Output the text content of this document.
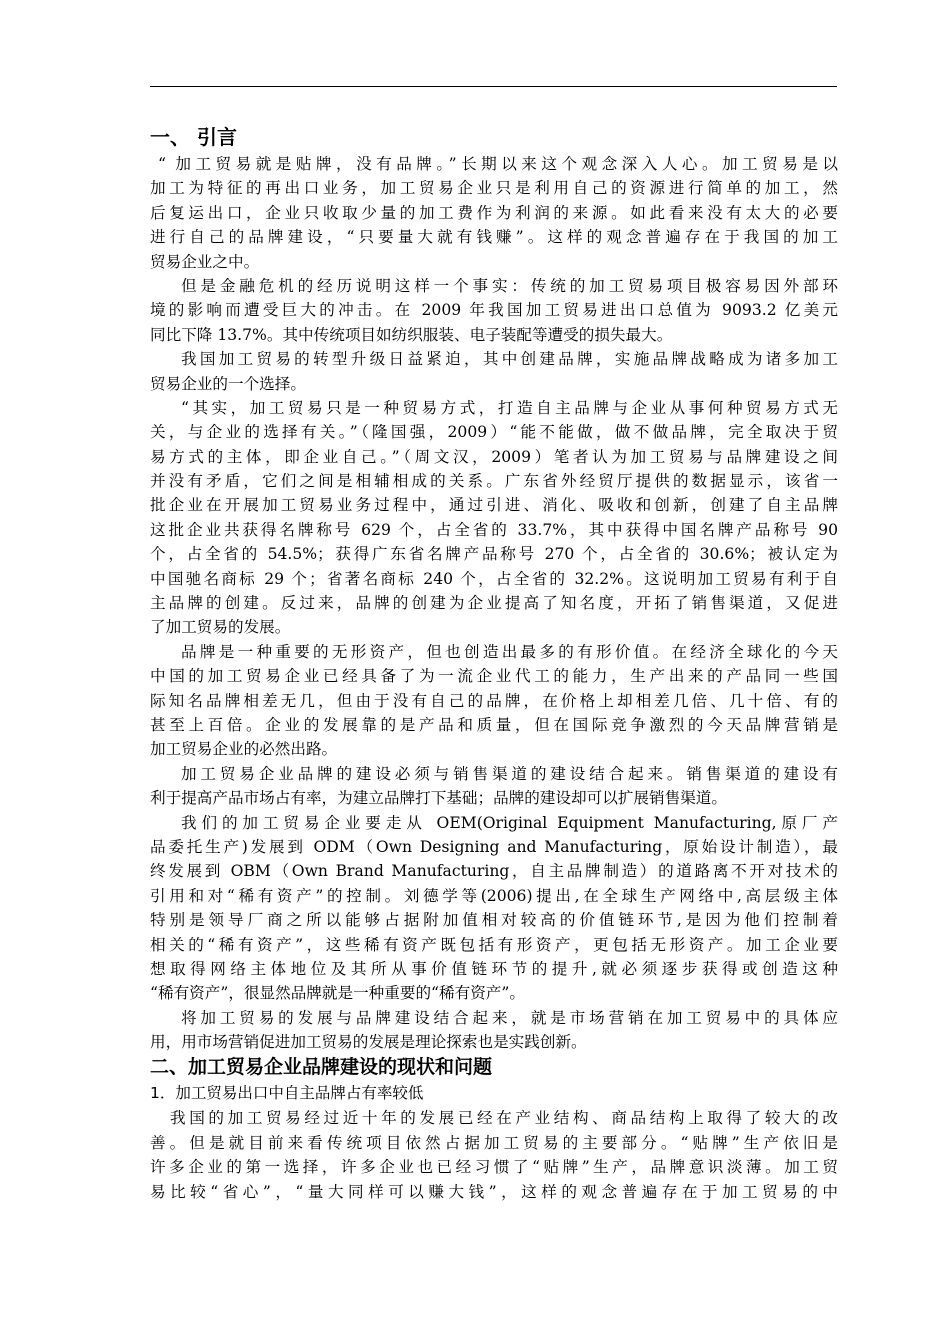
一、 引言
“ 加工贸易就是贴牌，没有品牌。”长期以来这个观念深入人心。加工贸易是以
加工为特征的再出口业务，加工贸易企业只是利用自己的资源进行简单的加工，然
后复运出口，企业只收取少量的加工费作为利润的来源。如此看来没有太大的必要
进行自己的品牌建设，“只要量大就有钱赚”。这样的观念普遍存在于我国的加工
贸易企业之中。
但是金融危机的经历说明这样一个事实：传统的加工贸易项目极容易因外部环
境的影响而遭受巨大的冲击。在 2009 年我国加工贸易进出口总值为 9093.2 亿美元
同比下降 13.7%。其中传统项目如纺织服装、电子装配等遭受的损失最大。
我国加工贸易的转型升级日益紧迫，其中创建品牌，实施品牌战略成为诸多加工
贸易企业的一个选择。
“其实，加工贸易只是一种贸易方式，打造自主品牌与企业从事何种贸易方式无
关，与企业的选择有关。”（隆国强，2009）“能不能做，做不做品牌，完全取决于贸
易方式的主体，即企业自己。”（周文汉，2009）笔者认为加工贸易与品牌建设之间
并没有矛盾，它们之间是相辅相成的关系。广东省外经贸厅提供的数据显示，该省一
批企业在开展加工贸易业务过程中，通过引进、消化、吸收和创新，创建了自主品牌
这批企业共获得名牌称号 629 个，占全省的 33.7%，其中获得中国名牌产品称号 90
个，占全省的 54.5%；获得广东省名牌产品称号 270 个，占全省的 30.6%；被认定为
中国驰名商标 29 个；省著名商标 240 个，占全省的 32.2%。这说明加工贸易有利于自
主品牌的创建。反过来，品牌的创建为企业提高了知名度，开拓了销售渠道，又促进
了加工贸易的发展。
品牌是一种重要的无形资产，但也创造出最多的有形价值。在经济全球化的今天
中国的加工贸易企业已经具备了为一流企业代工的能力，生产出来的产品同一些国
际知名品牌相差无几，但由于没有自己的品牌，在价格上却相差几倍、几十倍、有的
甚至上百倍。企业的发展靠的是产品和质量，但在国际竞争激烈的今天品牌营销是
加工贸易企业的必然出路。
加工贸易企业品牌的建设必须与销售渠道的建设结合起来。销售渠道的建设有
利于提高产品市场占有率，为建立品牌打下基础；品牌的建设却可以扩展销售渠道。
我们的加工贸易企业要走从 OEM(Original Equipment Manufacturing,原厂产
品委托生产)发展到 ODM（Own Designing and Manufacturing，原始设计制造），最
终发展到 OBM（Own Brand Manufacturing，自主品牌制造）的道路离不开对技术的
引用和对“稀有资产”的控制。刘德学等(2006)提出,在全球生产网络中,高层级主体
特别是领导厂商之所以能够占据附加值相对较高的价值链环节,是因为他们控制着
相关的“稀有资产”，这些稀有资产既包括有形资产，更包括无形资产。加工企业要
想取得网络主体地位及其所从事价值链环节的提升,就必须逐步获得或创造这种
“稀有资产”，很显然品牌就是一种重要的“稀有资产”。
将加工贸易的发展与品牌建设结合起来，就是市场营销在加工贸易中的具体应
用，用市场营销促进加工贸易的发展是理论探索也是实践创新。
二、加工贸易企业品牌建设的现状和问题
1．加工贸易出口中自主品牌占有率较低
我国的加工贸易经过近十年的发展已经在产业结构、商品结构上取得了较大的改
善。但是就目前来看传统项目依然占据加工贸易的主要部分。“贴牌”生产依旧是
许多企业的第一选择，许多企业也已经习惯了“贴牌”生产，品牌意识淡薄。加工贸
易比较“省心”，“量大同样可以赚大钱”，这样的观念普遍存在于加工贸易的中
